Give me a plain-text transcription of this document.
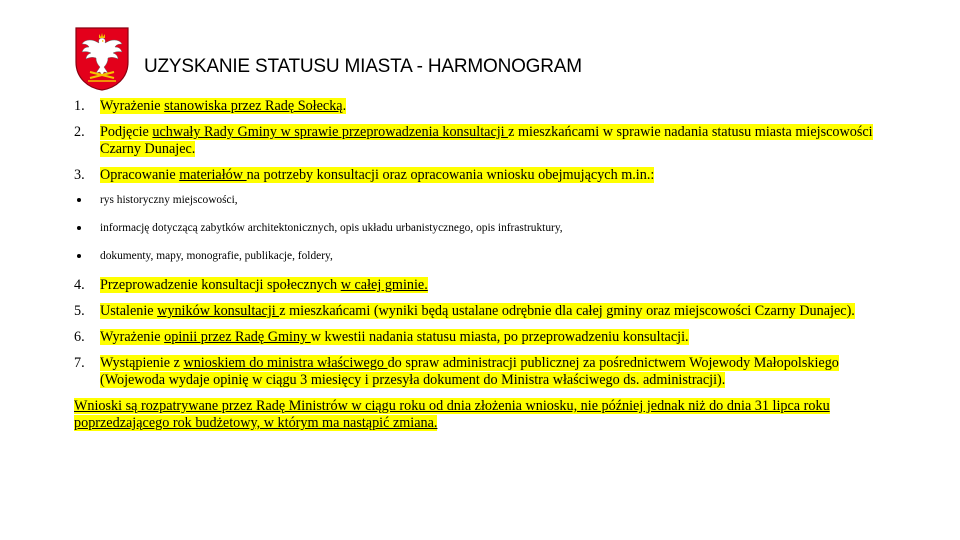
UZYSKANIE STATUSU MIASTA - HARMONOGRAM
1. Wyrażenie stanowiska przez Radę Sołecką.
2. Podjęcie uchwały Rady Gminy w sprawie przeprowadzenia konsultacji z mieszkańcami w sprawie nadania statusu miasta miejscowości Czarny Dunajec.
3. Opracowanie materiałów na potrzeby konsultacji oraz opracowania wniosku obejmujących m.in.:
rys historyczny miejscowości,
informację dotyczącą zabytków architektonicznych, opis układu urbanistycznego, opis infrastruktury,
dokumenty, mapy, monografie, publikacje, foldery,
4. Przeprowadzenie konsultacji społecznych w całej gminie.
5. Ustalenie wyników konsultacji z mieszkańcami (wyniki będą ustalane odrębnie dla całej gminy oraz miejscowości Czarny Dunajec).
6. Wyrażenie opinii przez Radę Gminy w kwestii nadania statusu miasta, po przeprowadzeniu konsultacji.
7. Wystąpienie z wnioskiem do ministra właściwego do spraw administracji publicznej za pośrednictwem Wojewody Małopolskiego (Wojewoda wydaje opinię w ciągu 3 miesięcy i przesyła dokument do Ministra właściwego ds. administracji).
Wnioski są rozpatrywane przez Radę Ministrów w ciągu roku od dnia złożenia wniosku, nie później jednak niż do dnia 31 lipca roku poprzedzającego rok budżetowy, w którym ma nastąpić zmiana.
